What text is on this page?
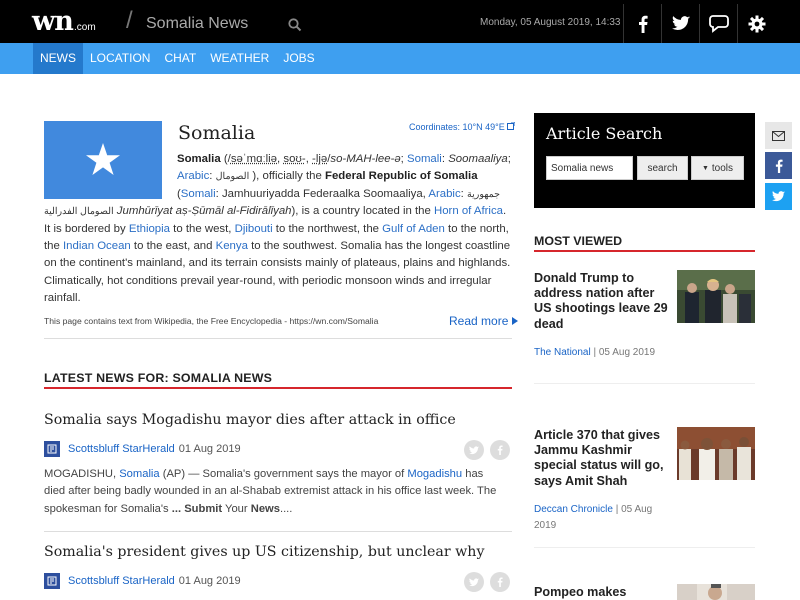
wn .com / Somalia News	Monday, 05 August 2019, 14:33
NEWS	LOCATION	CHAT	WEATHER	JOBS
Somalia	Coordinates: 10°N 49°E
Somalia (/səˈmɑːliə, soʊ-, -ljə/so-MAH-lee-ə; Somali: Soomaaliya; Arabic: الصومال ), officially the Federal Republic of Somalia (Somali: Jamhuuriyadda Federaalka Soomaaliya, Arabic: جمهورية الصومال الفدرالية Jumhūrīyat aṣ-Ṣūmāl al-Fidirālīyah), is a country located in the Horn of Africa. It is bordered by Ethiopia to the west, Djibouti to the northwest, the Gulf of Aden to the north, the Indian Ocean to the east, and Kenya to the southwest. Somalia has the longest coastline on the continent's mainland, and its terrain consists mainly of plateaus, plains and highlands. Climatically, hot conditions prevail year-round, with periodic monsoon winds and irregular rainfall.
This page contains text from Wikipedia, the Free Encyclopedia - https://wn.com/Somalia	Read more
LATEST NEWS FOR: SOMALIA NEWS
Somalia says Mogadishu mayor dies after attack in office
Scottsbluff StarHerald 01 Aug 2019
MOGADISHU, Somalia (AP) — Somalia's government says the mayor of Mogadishu has died after being badly wounded in an al-Shabab extremist attack in his office last week. The spokesman for Somalia's ... Submit Your News....
Somalia's president gives up US citizenship, but unclear why
Scottsbluff StarHerald 01 Aug 2019
Article Search
Somalia news
search	▼ tools
MOST VIEWED
Donald Trump to address nation after US shootings leave 29 dead
The National | 05 Aug 2019
Article 370 that gives Jammu Kashmir special status will go, says Amit Shah
Deccan Chronicle | 05 Aug 2019
Pompeo makes
